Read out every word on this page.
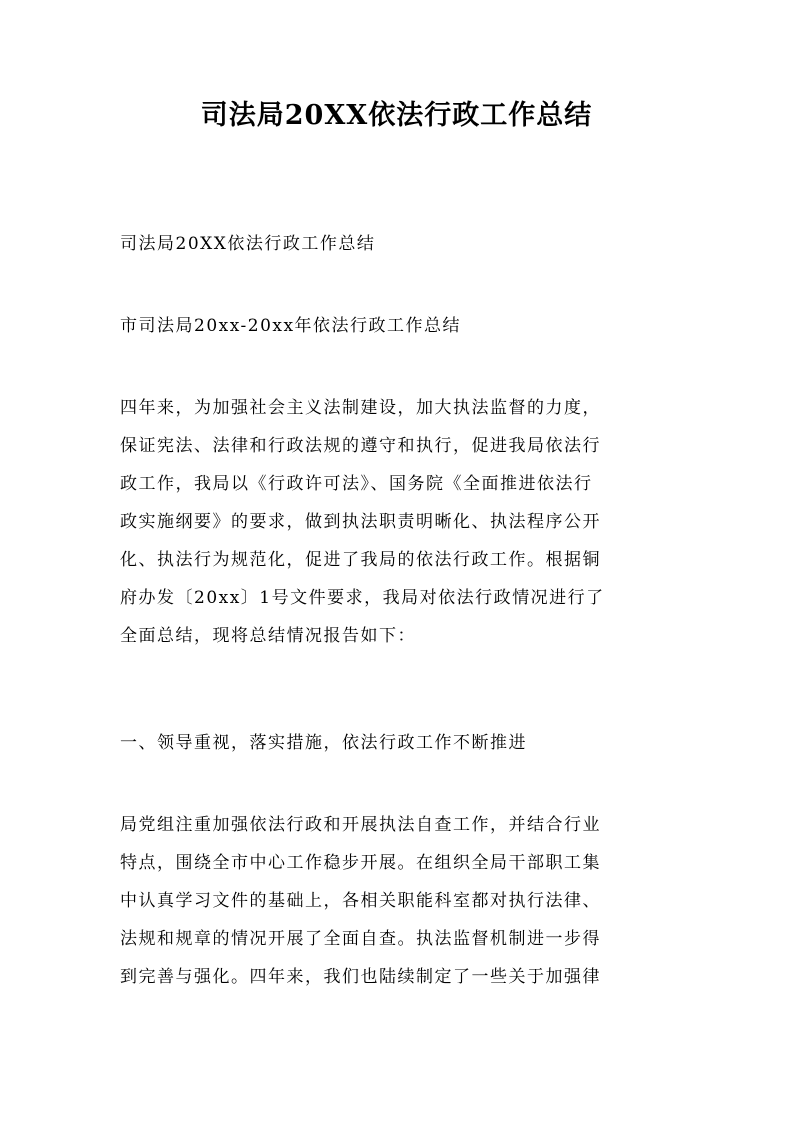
司法局20XX依法行政工作总结
司法局20XX依法行政工作总结
市司法局20xx-20xx年依法行政工作总结
四年来，为加强社会主义法制建设，加大执法监督的力度，
保证宪法、法律和行政法规的遵守和执行，促进我局依法行
政工作，我局以《行政许可法》、国务院《全面推进依法行
政实施纲要》的要求，做到执法职责明晰化、执法程序公开
化、执法行为规范化，促进了我局的依法行政工作。根据铜
府办发〔20xx〕1号文件要求，我局对依法行政情况进行了
全面总结，现将总结情况报告如下：
一、领导重视，落实措施，依法行政工作不断推进
局党组注重加强依法行政和开展执法自查工作，并结合行业
特点，围绕全市中心工作稳步开展。在组织全局干部职工集
中认真学习文件的基础上，各相关职能科室都对执行法律、
法规和规章的情况开展了全面自查。执法监督机制进一步得
到完善与强化。四年来，我们也陆续制定了一些关于加强律
